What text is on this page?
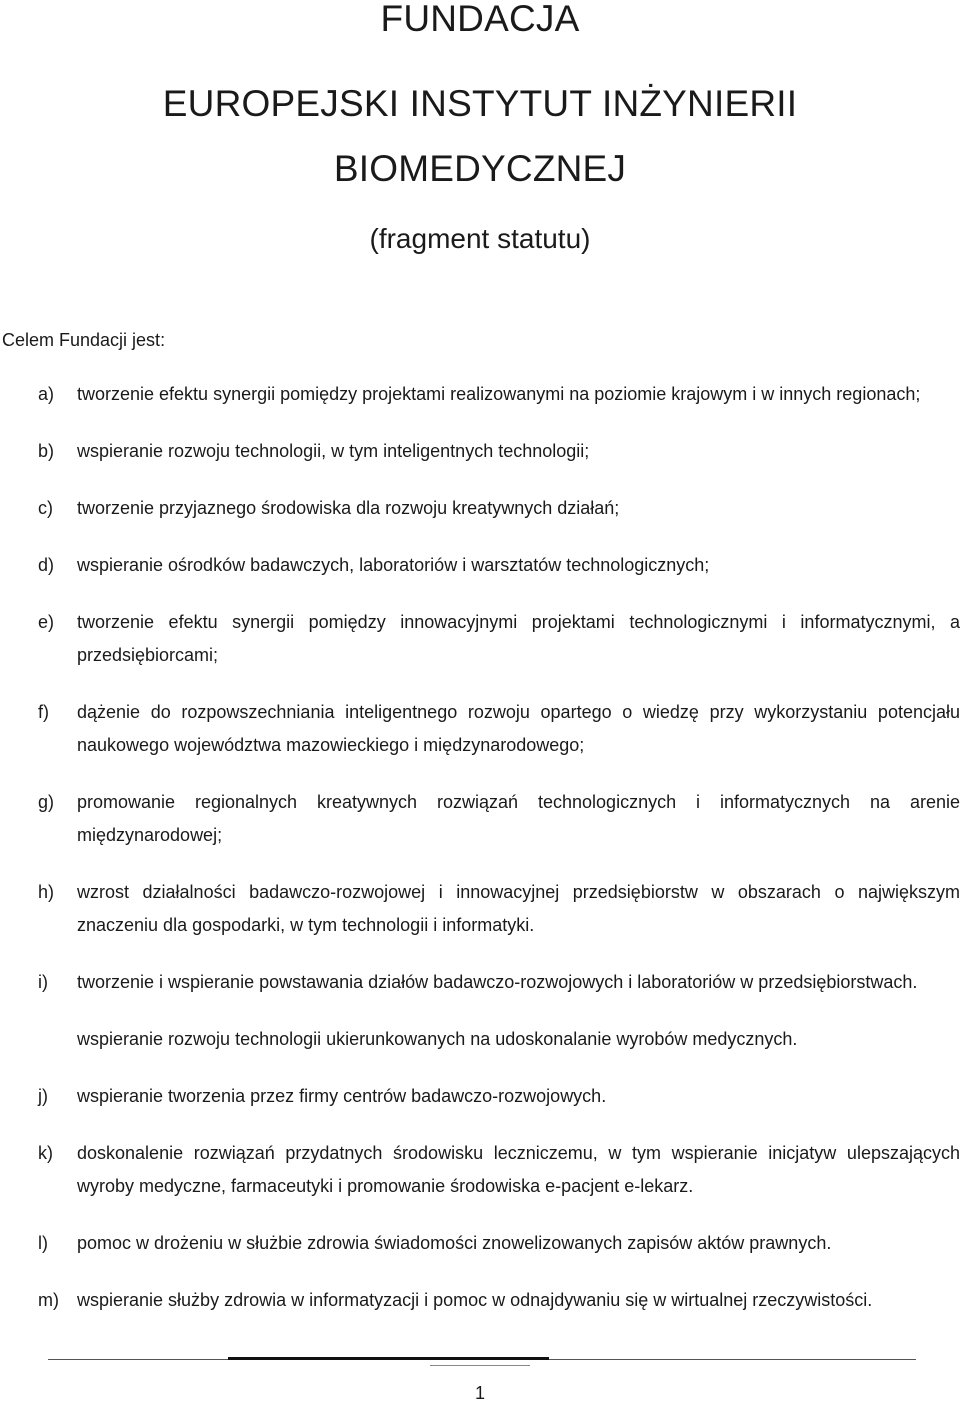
FUNDACJA
EUROPEJSKI INSTYTUT INŻYNIERII
BIOMEDYCZNEJ
(fragment statutu)
Celem Fundacji jest:
a) tworzenie efektu synergii pomiędzy projektami realizowanymi na poziomie krajowym i w innych regionach;
b) wspieranie rozwoju technologii, w tym inteligentnych technologii;
c) tworzenie przyjaznego środowiska dla rozwoju kreatywnych działań;
d) wspieranie ośrodków badawczych, laboratoriów i warsztatów technologicznych;
e) tworzenie efektu synergii pomiędzy innowacyjnymi projektami technologicznymi i informatycznymi, a przedsiębiorcami;
f) dążenie do rozpowszechniania inteligentnego rozwoju opartego o wiedzę przy wykorzystaniu potencjału naukowego województwa mazowieckiego i międzynarodowego;
g) promowanie regionalnych kreatywnych rozwiązań technologicznych i informatycznych na arenie międzynarodowej;
h) wzrost działalności badawczo-rozwojowej i innowacyjnej przedsiębiorstw w obszarach o największym znaczeniu dla gospodarki, w tym technologii i informatyki.
i) tworzenie i wspieranie powstawania działów badawczo-rozwojowych i laboratoriów w przedsiębiorstwach.
wspieranie rozwoju technologii ukierunkowanych na udoskonalanie wyrobów medycznych.
j) wspieranie tworzenia przez firmy centrów badawczo-rozwojowych.
k) doskonalenie rozwiązań przydatnych środowisku leczniczemu, w tym wspieranie inicjatyw ulepszających wyroby medyczne, farmaceutyki i promowanie środowiska e-pacjent e-lekarz.
l) pomoc w drożeniu w służbie zdrowia świadomości znowelizowanych zapisów aktów prawnych.
m) wspieranie służby zdrowia w informatyzacji i pomoc w odnajdywaniu się w wirtualnej rzeczywistości.
1
